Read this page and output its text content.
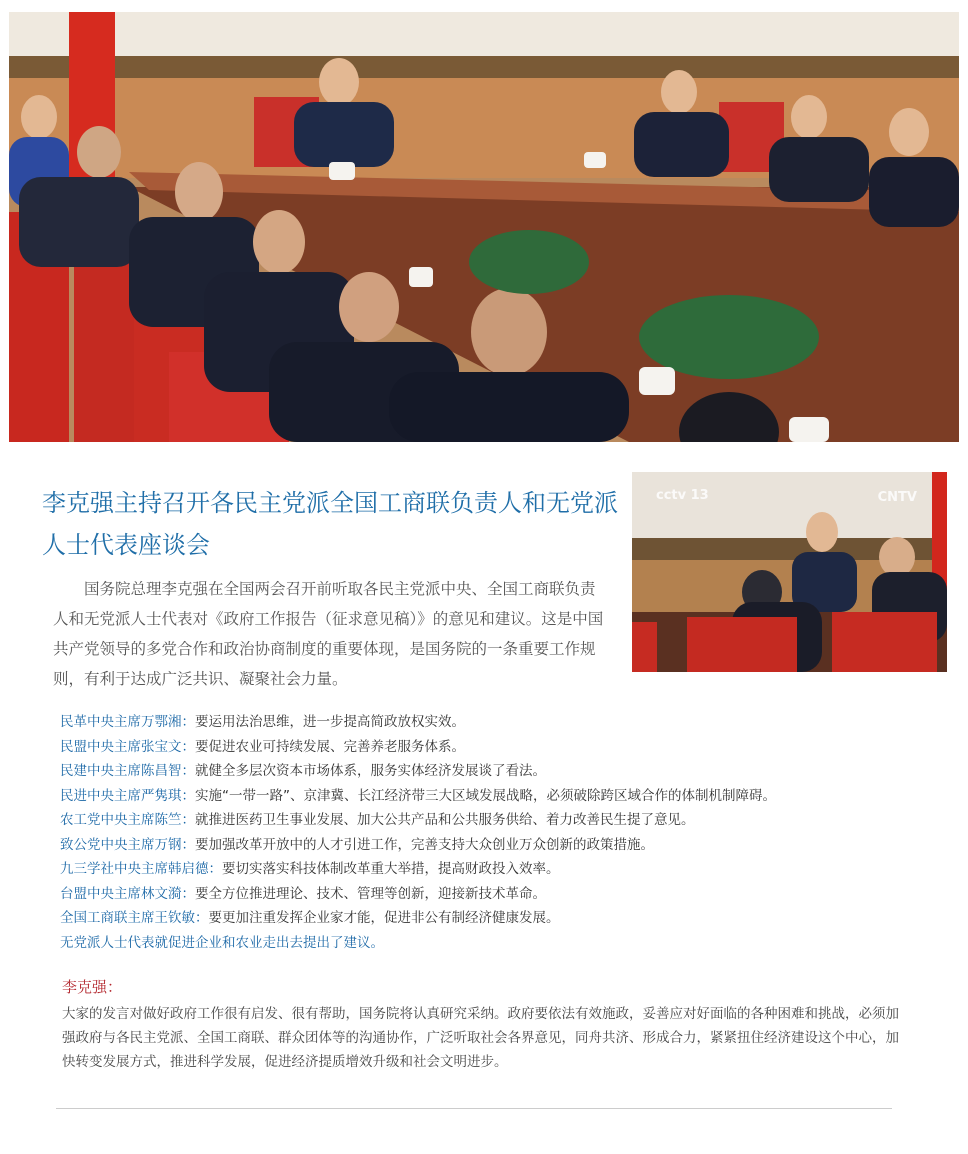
李克强主持召开各民主党派全国工商联负责人和无党派人士代表座谈会

国务院总理李克强在全国两会召开前听取各民主党派中央、全国工商联负责人和无党派人士代表对《政府工作报告（征求意见稿）》的意见和建议。这是中国共产党领导的多党合作和政治协商制度的重要体现，是国务院的一条重要工作规则，有利于达成广泛共识、凝聚社会力量。

cctv 13	CNTV
民革中央主席万鄂湘：要运用法治思维，进一步提高简政放权实效。
民盟中央主席张宝文：要促进农业可持续发展、完善养老服务体系。
民建中央主席陈昌智：就健全多层次资本市场体系，服务实体经济发展谈了看法。
民进中央主席严隽琪：实施“一带一路”、京津冀、长江经济带三大区域发展战略，必须破除跨区域合作的体制机制障碍。
农工党中央主席陈竺：就推进医药卫生事业发展、加大公共产品和公共服务供给、着力改善民生提了意见。
致公党中央主席万钢：要加强改革开放中的人才引进工作，完善支持大众创业万众创新的政策措施。
九三学社中央主席韩启德：要切实落实科技体制改革重大举措，提高财政投入效率。
台盟中央主席林文漪：要全方位推进理论、技术、管理等创新，迎接新技术革命。
全国工商联主席王钦敏：要更加注重发挥企业家才能，促进非公有制经济健康发展。
无党派人士代表就促进企业和农业走出去提出了建议。
李克强：

大家的发言对做好政府工作很有启发、很有帮助，国务院将认真研究采纳。政府要依法有效施政，妥善应对好面临的各种困难和挑战，必须加强政府与各民主党派、全国工商联、群众团体等的沟通协作，广泛听取社会各界意见，同舟共济、形成合力，紧紧扭住经济建设这个中心，加快转变发展方式，推进科学发展，促进经济提质增效升级和社会文明进步。
